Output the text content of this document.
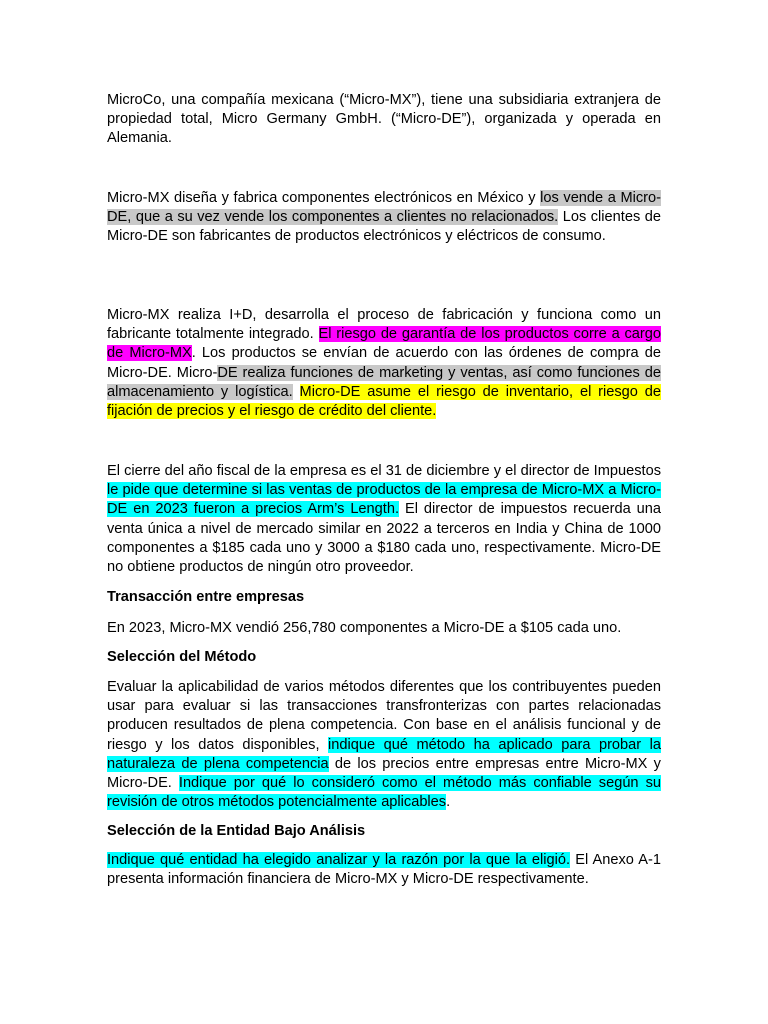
MicroCo, una compañía mexicana (“Micro-MX”), tiene una subsidiaria extranjera de propiedad total, Micro Germany GmbH. (“Micro-DE”), organizada y operada en Alemania.

Micro-MX diseña y fabrica componentes electrónicos en México y los vende a Micro-DE, que a su vez vende los componentes a clientes no relacionados. Los clientes de Micro-DE son fabricantes de productos electrónicos y eléctricos de consumo.

Micro-MX realiza I+D, desarrolla el proceso de fabricación y funciona como un fabricante totalmente integrado. El riesgo de garantía de los productos corre a cargo de Micro-MX. Los productos se envían de acuerdo con las órdenes de compra de Micro-DE. Micro-DE realiza funciones de marketing y ventas, así como funciones de almacenamiento y logística. Micro-DE asume el riesgo de inventario, el riesgo de fijación de precios y el riesgo de crédito del cliente.

El cierre del año fiscal de la empresa es el 31 de diciembre y el director de Impuestos le pide que determine si las ventas de productos de la empresa de Micro-MX a Micro-DE en 2023 fueron a precios Arm’s Length. El director de impuestos recuerda una venta única a nivel de mercado similar en 2022 a terceros en India y China de 1000 componentes a $185 cada uno y 3000 a $180 cada uno, respectivamente. Micro-DE no obtiene productos de ningún otro proveedor.

Transacción entre empresas

En 2023, Micro-MX vendió 256,780 componentes a Micro-DE a $105 cada uno.

Selección del Método

Evaluar la aplicabilidad de varios métodos diferentes que los contribuyentes pueden usar para evaluar si las transacciones transfronterizas con partes relacionadas producen resultados de plena competencia. Con base en el análisis funcional y de riesgo y los datos disponibles, indique qué método ha aplicado para probar la naturaleza de plena competencia de los precios entre empresas entre Micro-MX y Micro-DE. Indique por qué lo consideró como el método más confiable según su revisión de otros métodos potencialmente aplicables.

Selección de la Entidad Bajo Análisis

Indique qué entidad ha elegido analizar y la razón por la que la eligió. El Anexo A-1 presenta información financiera de Micro-MX y Micro-DE respectivamente.
